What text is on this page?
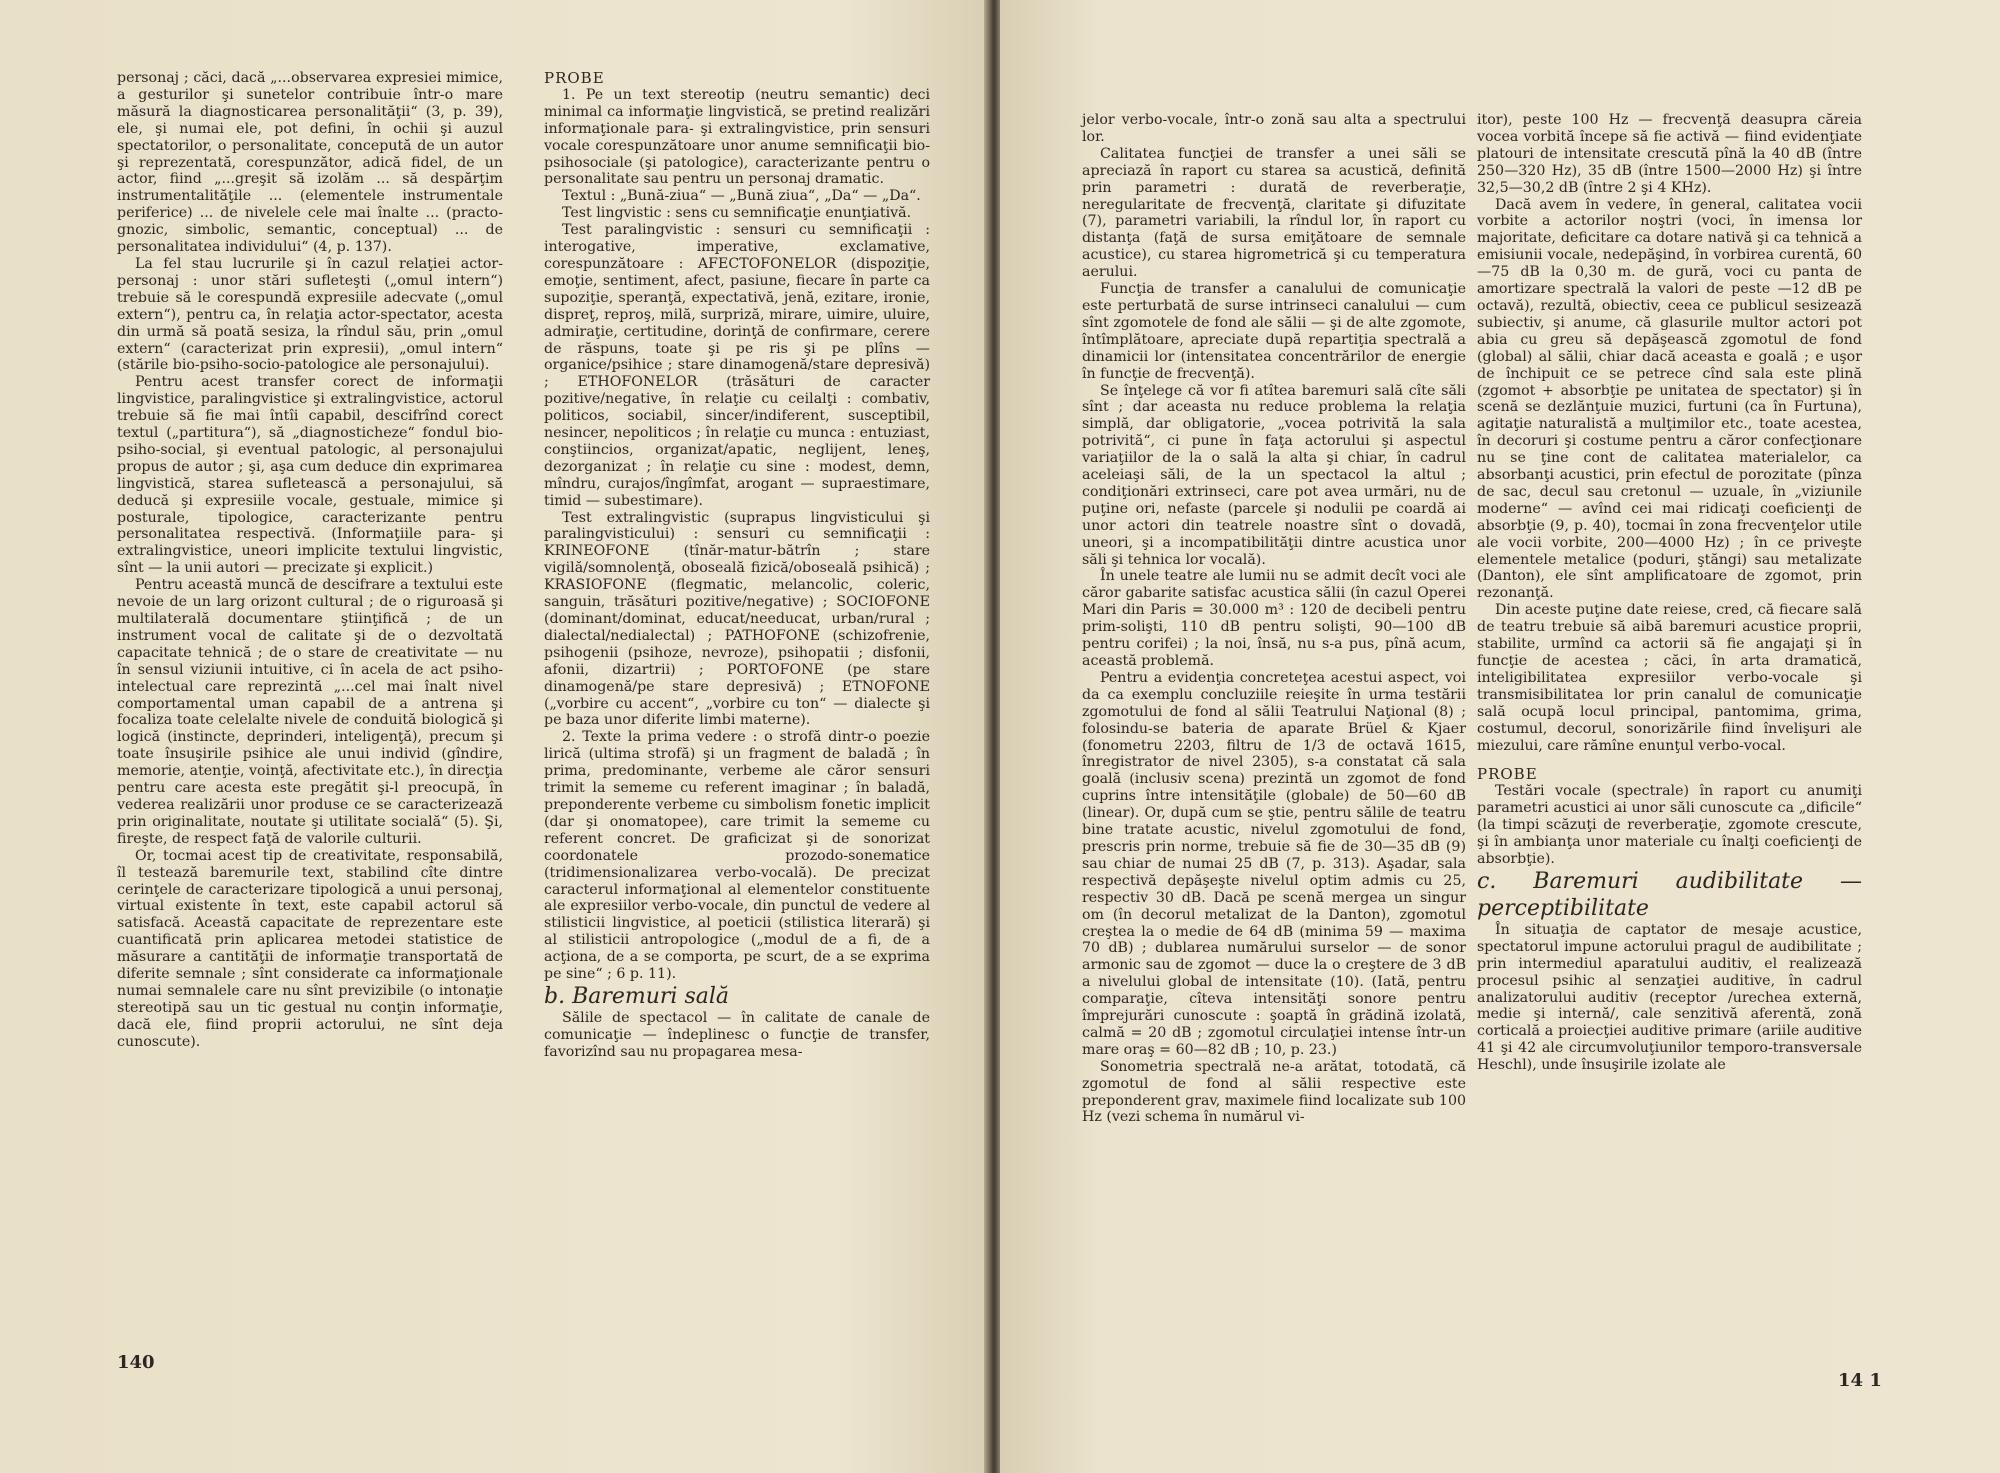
personaj ; căci, dacă „...observarea expresiei mimice, a gesturilor şi sunetelor contribuie într-o mare măsură la diagnosticarea personalităţii“ (3, p. 39), ele, şi numai ele, pot defini, în ochii şi auzul spectatorilor, o personalitate, concepută de un autor şi reprezentată, corespunzător, adică fidel, de un actor, fiind „...greşit să izolăm ... să despărţim instrumentalităţile ... (elementele instrumentale periferice) ... de nivelele cele mai înalte ... (practo-gnozic, simbolic, semantic, conceptual) ... de personalitatea individului“ (4, p. 137).

La fel stau lucrurile şi în cazul relaţiei actor-personaj : unor stări sufleteşti („omul intern“) trebuie să le corespundă expresiile adecvate („omul extern“), pentru ca, în relaţia actor-spectator, acesta din urmă să poată sesiza, la rîndul său, prin „omul extern“ (caracterizat prin expresii), „omul intern“ (stările bio-psiho-socio-patologice ale personajului).

Pentru acest transfer corect de informaţii lingvistice, paralingvistice şi extralingvistice, actorul trebuie să fie mai întîi capabil, descifrînd corect textul („partitura“), să „diagnosticheze“ fondul bio-psiho-social, şi eventual patologic, al personajului propus de autor ; şi, aşa cum deduce din exprimarea lingvistică, starea sufletească a personajului, să deducă şi expresiile vocale, gestuale, mimice şi posturale, tipologice, caracterizante pentru personalitatea respectivă. (Informaţiile para- şi extralingvistice, uneori implicite textului lingvistic, sînt — la unii autori — precizate şi explicit.)

Pentru această muncă de descifrare a textului este nevoie de un larg orizont cultural ; de o riguroasă şi multilaterală documentare ştiinţifică ; de un instrument vocal de calitate şi de o dezvoltată capacitate tehnică ; de o stare de creativitate — nu în sensul viziunii intuitive, ci în acela de act psiho-intelectual care reprezintă „...cel mai înalt nivel comportamental uman capabil de a antrena şi focaliza toate celelalte nivele de conduită biologică şi logică (instincte, deprinderi, inteligenţă), precum şi toate însuşirile psihice ale unui individ (gîndire, memorie, atenţie, voinţă, afectivitate etc.), în direcţia pentru care acesta este pregătit şi-l preocupă, în vederea realizării unor produse ce se caracterizează prin originalitate, noutate şi utilitate socială“ (5). Şi, fireşte, de respect faţă de valorile culturii.

Or, tocmai acest tip de creativitate, responsabilă, îl testează baremurile text, stabilind cîte dintre cerinţele de caracterizare tipologică a unui personaj, virtual existente în text, este capabil actorul să satisfacă. Această capacitate de reprezentare este cuantificată prin aplicarea metodei statistice de măsurare a cantităţii de informaţie transportată de diferite semnale ; sînt considerate ca informaţionale numai semnalele care nu sînt previzibile (o intonaţie stereotipă sau un tic gestual nu conţin informaţie, dacă ele, fiind proprii actorului, ne sînt deja cunoscute).

PROBE

1. Pe un text stereotip (neutru semantic) deci minimal ca informaţie lingvistică, se pretind realizări informaţionale para- şi extralingvistice, prin sensuri vocale corespunzătoare unor anume semnificaţii bio-psihosociale (şi patologice), caracterizante pentru o personalitate sau pentru un personaj dramatic.

Textul : „Bună-ziua“ — „Bună ziua“, „Da“ — „Da“.

Test lingvistic : sens cu semnificaţie enunţiativă.

Test paralingvistic : sensuri cu semnificaţii : interogative, imperative, exclamative, corespunzătoare : AFECTOFONELOR (dispoziţie, emoţie, sentiment, afect, pasiune, fiecare în parte ca supoziţie, speranţă, expectativă, jenă, ezitare, ironie, dispreţ, reproş, milă, surpriză, mirare, uimire, uluire, admiraţie, certitudine, dorinţă de confirmare, cerere de răspuns, toate şi pe ris şi pe plîns — organice/psihice ; stare dinamogenă/stare depresivă) ; ETHOFONELOR (trăsături de caracter pozitive/negative, în relaţie cu ceilalţi : combativ, politicos, sociabil, sincer/indiferent, susceptibil, nesincer, nepoliticos ; în relaţie cu munca : entuziast, conştiincios, organizat/apatic, neglijent, leneş, dezorganizat ; în relaţie cu sine : modest, demn, mîndru, curajos/îngîmfat, arogant — supraestimare, timid — subestimare).

Test extralingvistic (suprapus lingvisticului şi paralingvisticului) : sensuri cu semnificaţii : KRINEOFONE (tînăr-matur-bătrîn ; stare vigilă/somnolenţă, oboseală fizică/oboseală psihică) ; KRASIOFONE (flegmatic, melancolic, coleric, sanguin, trăsături pozitive/negative) ; SOCIOFONE (dominant/dominat, educat/needucat, urban/rural ; dialectal/nedialectal) ; PATHOFONE (schizofrenie, psihogenii (psihoze, nevroze), psihopatii ; disfonii, afonii, dizartrii) ; PORTOFONE (pe stare dinamogenă/pe stare depresivă) ; ETNOFONE („vorbire cu accent“, „vorbire cu ton“ — dialecte şi pe baza unor diferite limbi materne).

2. Texte la prima vedere : o strofă dintr-o poezie lirică (ultima strofă) şi un fragment de baladă ; în prima, predominante, verbeme ale căror sensuri trimit la sememe cu referent imaginar ; în baladă, preponderente verbeme cu simbolism fonetic implicit (dar şi onomatopee), care trimit la sememe cu referent concret. De graficizat şi de sonorizat coordonatele prozodo-sonematice (tridimensionalizarea verbo-vocală). De precizat caracterul informaţional al elementelor constituente ale expresiilor verbo-vocale, din punctul de vedere al stilisticii lingvistice, al poeticii (stilistica literară) şi al stilisticii antropologice („modul de a fi, de a acţiona, de a se comporta, pe scurt, de a se exprima pe sine“ ; 6 p. 11).

b. Baremuri sală

Sălile de spectacol — în calitate de canale de comunicaţie — îndeplinesc o funcţie de transfer, favorizînd sau nu propagarea mesa-

140

jelor verbo-vocale, într-o zonă sau alta a spectrului lor.

Calitatea funcţiei de transfer a unei săli se apreciază în raport cu starea sa acustică, definită prin parametri : durată de reverberaţie, neregularitate de frecvenţă, claritate şi difuzitate (7), parametri variabili, la rîndul lor, în raport cu distanţa (faţă de sursa emiţătoare de semnale acustice), cu starea higrometrică şi cu temperatura aerului.

Funcţia de transfer a canalului de comunicaţie este perturbată de surse intrinseci canalului — cum sînt zgomotele de fond ale sălii — şi de alte zgomote, întîmplătoare, apreciate după repartiţia spectrală a dinamicii lor (intensitatea concentrărilor de energie în funcţie de frecvenţă).

Se înţelege că vor fi atîtea baremuri sală cîte săli sînt ; dar aceasta nu reduce problema la relaţia simplă, dar obligatorie, „vocea potrivită la sala potrivită“, ci pune în faţa actorului şi aspectul variaţiilor de la o sală la alta şi chiar, în cadrul aceleiaşi săli, de la un spectacol la altul ; condiţionări extrinseci, care pot avea urmări, nu de puţine ori, nefaste (parcele şi nodulii pe coardă ai unor actori din teatrele noastre sînt o dovadă, uneori, şi a incompatibilităţii dintre acustica unor săli şi tehnica lor vocală).

În unele teatre ale lumii nu se admit decît voci ale căror gabarite satisfac acustica sălii (în cazul Operei Mari din Paris = 30.000 m³ : 120 de decibeli pentru prim-solişti, 110 dB pentru solişti, 90—100 dB pentru corifei) ; la noi, însă, nu s-a pus, pînă acum, această problemă.

Pentru a evidenţia concreteţea acestui aspect, voi da ca exemplu concluziile reieşite în urma testării zgomotului de fond al sălii Teatrului Naţional (8) ; folosindu-se bateria de aparate Brüel & Kjaer (fonometru 2203, filtru de 1/3 de octavă 1615, înregistrator de nivel 2305), s-a constatat că sala goală (inclusiv scena) prezintă un zgomot de fond cuprins între intensităţile (globale) de 50—60 dB (linear). Or, după cum se ştie, pentru sălile de teatru bine tratate acustic, nivelul zgomotului de fond, prescris prin norme, trebuie să fie de 30—35 dB (9) sau chiar de numai 25 dB (7, p. 313). Aşadar, sala respectivă depăşeşte nivelul optim admis cu 25, respectiv 30 dB. Dacă pe scenă mergea un singur om (în decorul metalizat de la Danton), zgomotul creştea la o medie de 64 dB (minima 59 — maxima 70 dB) ; dublarea numărului surselor — de sonor armonic sau de zgomot — duce la o creştere de 3 dB a nivelului global de intensitate (10). (Iată, pentru comparaţie, cîteva intensităţi sonore pentru împrejurări cunoscute : şoaptă în grădină izolată, calmă = 20 dB ; zgomotul circulaţiei intense într-un mare oraş = 60—82 dB ; 10, p. 23.)

Sonometria spectrală ne-a arătat, totodată, că zgomotul de fond al sălii respective este preponderent grav, maximele fiind localizate sub 100 Hz (vezi schema în numărul vi-

itor), peste 100 Hz — frecvenţă deasupra căreia vocea vorbită începe să fie activă — fiind evidenţiate platouri de intensitate crescută pînă la 40 dB (între 250—320 Hz), 35 dB (între 1500—2000 Hz) şi între 32,5—30,2 dB (între 2 şi 4 KHz).

Dacă avem în vedere, în general, calitatea vocii vorbite a actorilor noştri (voci, în imensa lor majoritate, deficitare ca dotare nativă şi ca tehnică a emisiunii vocale, nedepăşind, în vorbirea curentă, 60—75 dB la 0,30 m. de gură, voci cu panta de amortizare spectrală la valori de peste —12 dB pe octavă), rezultă, obiectiv, ceea ce publicul sesizează subiectiv, şi anume, că glasurile multor actori pot abia cu greu să depăşească zgomotul de fond (global) al sălii, chiar dacă aceasta e goală ; e uşor de închipuit ce se petrece cînd sala este plină (zgomot + absorbţie pe unitatea de spectator) şi în scenă se dezlănţuie muzici, furtuni (ca în Furtuna), agitaţie naturalistă a mulţimilor etc., toate acestea, în decoruri şi costume pentru a căror confecţionare nu se ţine cont de calitatea materialelor, ca absorbanţi acustici, prin efectul de porozitate (pînza de sac, decul sau cretonul — uzuale, în „viziunile moderne“ — avînd cei mai ridicaţi coeficienţi de absorbţie (9, p. 40), tocmai în zona frecvenţelor utile ale vocii vorbite, 200—4000 Hz) ; în ce priveşte elementele metalice (poduri, ştăngi) sau metalizate (Danton), ele sînt amplificatoare de zgomot, prin rezonanţă.

Din aceste puţine date reiese, cred, că fiecare sală de teatru trebuie să aibă baremuri acustice proprii, stabilite, urmînd ca actorii să fie angajaţi şi în funcţie de acestea ; căci, în arta dramatică, inteligibilitatea expresiilor verbo-vocale şi transmisibilitatea lor prin canalul de comunicaţie sală ocupă locul principal, pantomima, grima, costumul, decorul, sonorizările fiind învelişuri ale miezului, care rămîne enunţul verbo-vocal.

PROBE

Testări vocale (spectrale) în raport cu anumiţi parametri acustici ai unor săli cunoscute ca „dificile“ (la timpi scăzuţi de reverberaţie, zgomote crescute, şi în ambianţa unor materiale cu înalţi coeficienţi de absorbţie).

c. Baremuri audibilitate — perceptibilitate

În situaţia de captator de mesaje acustice, spectatorul impune actorului pragul de audibilitate ; prin intermediul aparatului auditiv, el realizează procesul psihic al senzaţiei auditive, în cadrul analizatorului auditiv (receptor /urechea externă, medie şi internă/, cale senzitivă aferentă, zonă corticală a proiecţiei auditive primare (ariile auditive 41 şi 42 ale circumvoluţiunilor temporo-transversale Heschl), unde însuşirile izolate ale

14 1
